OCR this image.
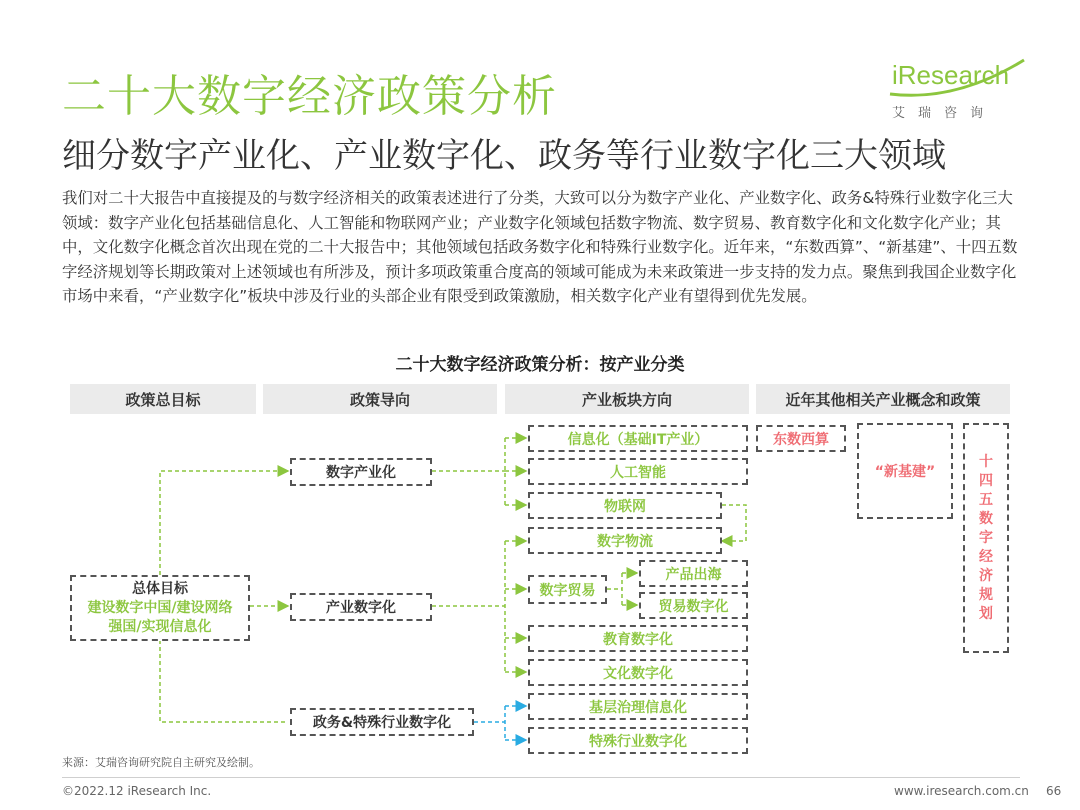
二十大数字经济政策分析
细分数字产业化、产业数字化、政务等行业数字化三大领域
iResearch
艾瑞咨询
我们对二十大报告中直接提及的与数字经济相关的政策表述进行了分类，大致可以分为数字产业化、产业数字化、政务&特殊行业数字化三大领域：数字产业化包括基础信息化、人工智能和物联网产业；产业数字化领域包括数字物流、数字贸易、教育数字化和文化数字化产业；其中，文化数字化概念首次出现在党的二十大报告中；其他领域包括政务数字化和特殊行业数字化。近年来，“东数西算”、“新基建”、十四五数字经济规划等长期政策对上述领域也有所涉及，预计多项政策重合度高的领域可能成为未来政策进一步支持的发力点。聚焦到我国企业数字化市场中来看，“产业数字化”板块中涉及行业的头部企业有限受到政策激励，相关数字化产业有望得到优先发展。
二十大数字经济政策分析：按产业分类
政策总目标	政策导向	产业板块方向	近年其他相关产业概念和政策
总体目标
建设数字中国/建设网络
强国/实现信息化
数字产业化
产业数字化
政务&特殊行业数字化
信息化（基础IT产业）
人工智能
物联网
数字物流
数字贸易
产品出海
贸易数字化
教育数字化
文化数字化
基层治理信息化
特殊行业数字化
东数西算
“新基建”
十
四
五
数
字
经
济
规
划
来源：艾瑞咨询研究院自主研究及绘制。
©2022.12 iResearch Inc.	www.iresearch.com.cn 66
